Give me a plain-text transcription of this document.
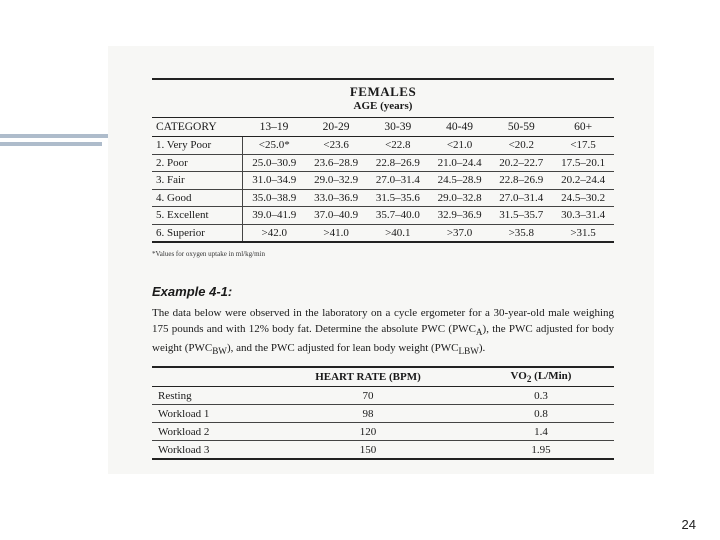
FEMALES						
AGE (years)						
CATEGORY	13–19	20-29	30-39	40-49	50-59	60+
1. Very Poor	<25.0*	<23.6	<22.8	<21.0	<20.2	<17.5
2. Poor	25.0–30.9	23.6–28.9	22.8–26.9	21.0–24.4	20.2–22.7	17.5–20.1
3. Fair	31.0–34.9	29.0–32.9	27.0–31.4	24.5–28.9	22.8–26.9	20.2–24.4
4. Good	35.0–38.9	33.0–36.9	31.5–35.6	29.0–32.8	27.0–31.4	24.5–30.2
5. Excellent	39.0–41.9	37.0–40.9	35.7–40.0	32.9–36.9	31.5–35.7	30.3–31.4
6. Superior	>42.0	>41.0	>40.1	>37.0	>35.8	>31.5
*Values for oxygen uptake in ml/kg/min
Example 4-1:
The data below were observed in the laboratory on a cycle ergometer for a 30-year-old male weighing 175 pounds and with 12% body fat. Determine the absolute PWC $(PWC_A)$, the PWC adjusted for body weight $(PWC_{BW})$, and the PWC adjusted for lean body weight $(PWC_{LBW})$.
	HEART RATE (BPM)	$VO_2$ (L/Min)
Resting	70	0.3
Workload 1	98	0.8
Workload 2	120	1.4
Workload 3	150	1.95
24
